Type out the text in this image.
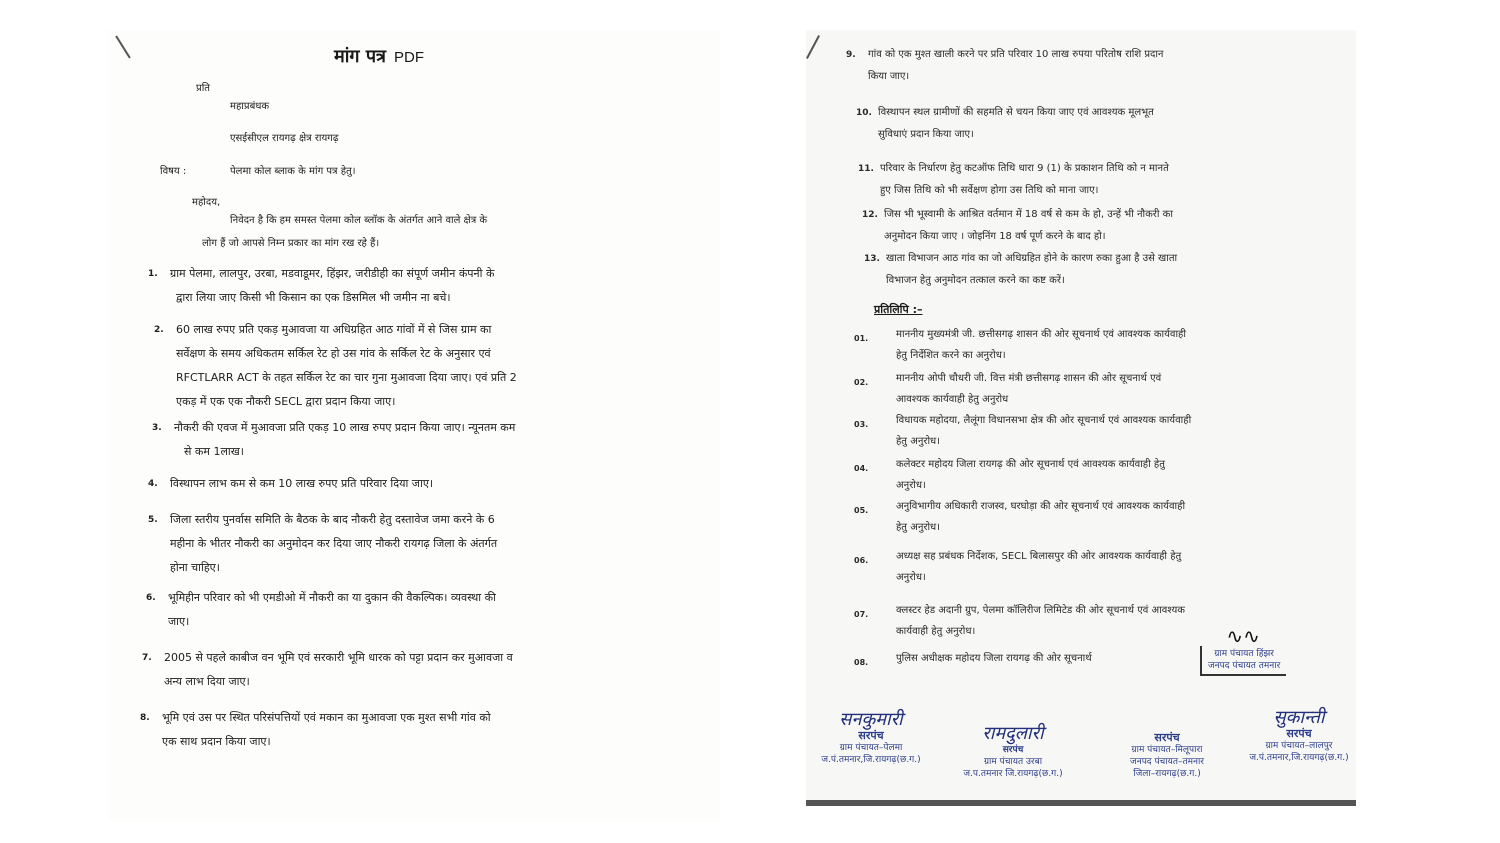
मांग पत्र PDF
प्रति
महाप्रबंधक
एसईसीएल रायगढ़ क्षेत्र रायगढ़
विषय :	पेलमा कोल ब्लाक के मांग पत्र हेतु।
महोदय,
निवेदन है कि हम समस्त पेलमा कोल ब्लॉक के अंतर्गत आने वाले क्षेत्र के
लोग हैं जो आपसे निम्न प्रकार का मांग रख रहे हैं।
1. ग्राम पेलमा, लालपुर, उरबा, मडवाडूमर, हिंझर, जरीडीही का संपूर्ण जमीन कंपनी के

द्वारा लिया जाए किसी भी किसान का एक डिसमिल भी जमीन ना बचे।

2. 60 लाख रुपए प्रति एकड़ मुआवजा या अधिग्रहित आठ गांवों में से जिस ग्राम का

सर्वेक्षण के समय अधिकतम सर्किल रेट हो उस गांव के सर्किल रेट के अनुसार एवं

RFCTLARR ACT के तहत सर्किल रेट का चार गुना मुआवजा दिया जाए। एवं प्रति 2

एकड़ में एक एक नौकरी SECL द्वारा प्रदान किया जाए।

3. नौकरी की एवज में मुआवजा प्रति एकड़ 10 लाख रुपए प्रदान किया जाए। न्यूनतम कम

से कम 1लाख।

4. विस्थापन लाभ कम से कम 10 लाख रुपए प्रति परिवार दिया जाए।

5. जिला स्तरीय पुनर्वास समिति के बैठक के बाद नौकरी हेतु दस्तावेज जमा करने के 6

महीना के भीतर नौकरी का अनुमोदन कर दिया जाए नौकरी रायगढ़ जिला के अंतर्गत

होना चाहिए।

6. भूमिहीन परिवार को भी एमडीओ में नौकरी का या दुकान की वैकल्पिक। व्यवस्था की

जाए।

7. 2005 से पहले काबीज वन भूमि एवं सरकारी भूमि धारक को पट्टा प्रदान कर मुआवजा व

अन्य लाभ दिया जाए।

8. भूमि एवं उस पर स्थित परिसंपत्तियों एवं मकान का मुआवजा एक मुश्त सभी गांव को

एक साथ प्रदान किया जाए।

9. गांव को एक मुश्त खाली करने पर प्रति परिवार 10 लाख रुपया परितोष राशि प्रदान

किया जाए।

10. विस्थापन स्थल ग्रामीणों की सहमति से चयन किया जाए एवं आवश्यक मूलभूत

सुविधाएं प्रदान किया जाए।

11. परिवार के निर्धारण हेतु कटऑफ तिथि धारा 9 (1) के प्रकाशन तिथि को न मानते

हुए जिस तिथि को भी सर्वेक्षण होगा उस तिथि को माना जाए।

12. जिस भी भूस्वामी के आश्रित वर्तमान में 18 वर्ष से कम के हो, उन्हें भी नौकरी का

अनुमोदन किया जाए । जोइनिंग 18 वर्ष पूर्ण करने के बाद हो।

13. खाता विभाजन आठ गांव का जो अधिग्रहित होने के कारण रुका हुआ है उसे खाता

विभाजन हेतु अनुमोदन तत्काल करने का कष्ट करें।

प्रतिलिपि :–
01.	माननीय मुख्यमंत्री जी. छत्तीसगढ़ शासन की ओर सूचनार्थ एवं आवश्यक कार्यवाही

हेतु निर्देशित करने का अनुरोध।

02.	माननीय ओपी चौधरी जी. वित्त मंत्री छत्तीसगढ़ शासन की ओर सूचनार्थ एवं

आवश्यक कार्यवाही हेतु अनुरोध

03.	विधायक महोदया, लैलूंगा विधानसभा क्षेत्र की ओर सूचनार्थ एवं आवश्यक कार्यवाही

हेतु अनुरोध।

04.	कलेक्टर महोदय जिला रायगढ़ की ओर सूचनार्थ एवं आवश्यक कार्यवाही हेतु

अनुरोध।

05.	अनुविभागीय अधिकारी राजस्व, घरघोड़ा की ओर सूचनार्थ एवं आवश्यक कार्यवाही

हेतु अनुरोध।

06.	अध्यक्ष सह प्रबंधक निर्देशक, SECL बिलासपुर की ओर आवश्यक कार्यवाही हेतु

अनुरोध।

07.	क्लस्टर हेड अदानी ग्रुप, पेलमा कॉलिरीज लिमिटेड की ओर सूचनार्थ एवं आवश्यक

कार्यवाही हेतु अनुरोध।

08.	पुलिस अधीक्षक महोदय जिला रायगढ़ की ओर सूचनार्थ

∿∿
ग्राम पंचायत हिंझर
जनपद पंचायत तमनार
सनकुमारी
सरपंच
ग्राम पंचायत–पेलमा
ज.पं.तमनार,जि.रायगढ़(छ.ग.)
रामदुलारी
सरपंच
ग्राम पंचायत उरबा
ज.प.तमनार जि.रायगढ़(छ.ग.)
सरपंच
ग्राम पंचायत–मिलूपारा
जनपद पंचायत–तमनार
जिला–रायगढ़(छ.ग.)
सुकान्ती
सरपंच
ग्राम पंचायत–लालपुर
ज.पं.तमनार,जि.रायगढ़(छ.ग.)
